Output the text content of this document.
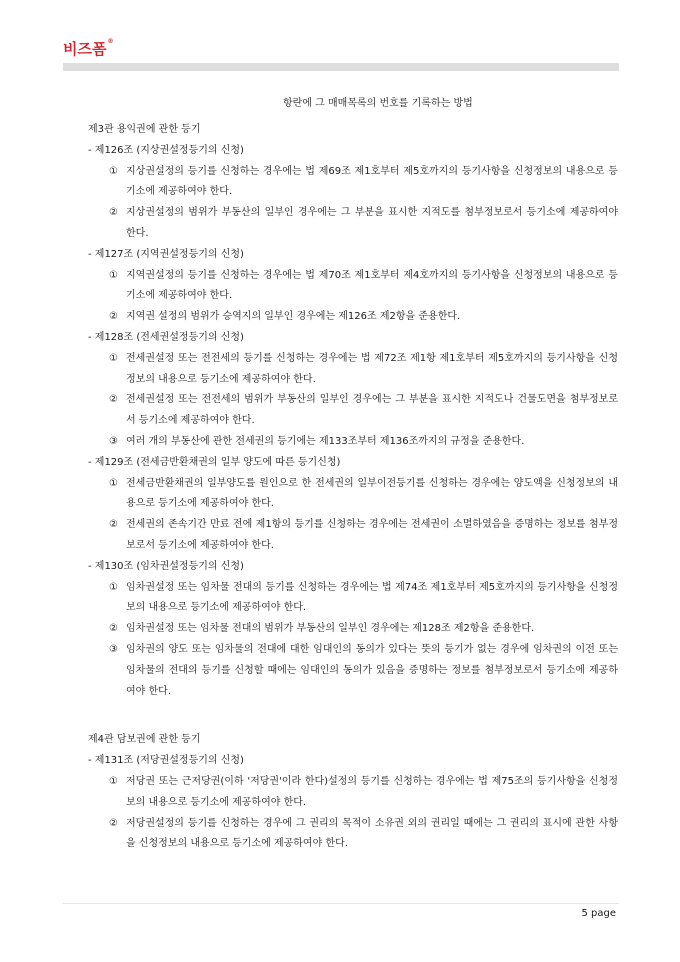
비즈폼®
항란에 그 매매목록의 번호를 기록하는 방법
제3관 용익권에 관한 등기
- 제126조 (지상권설정등기의 신청)
① 지상권설정의 등기를 신청하는 경우에는 법 제69조 제1호부터 제5호까지의 등기사항을 신청정보의 내용으로 등기소에 제공하여야 한다.
② 지상권설정의 범위가 부동산의 일부인 경우에는 그 부분을 표시한 지적도를 첨부정보로서 등기소에 제공하여야 한다.
- 제127조 (지역권설정등기의 신청)
① 지역권설정의 등기를 신청하는 경우에는 법 제70조 제1호부터 제4호까지의 등기사항을 신청정보의 내용으로 등기소에 제공하여야 한다.
② 지역권 설정의 범위가 승역지의 일부인 경우에는 제126조 제2항을 준용한다.
- 제128조 (전세권설정등기의 신청)
① 전세권설정 또는 전전세의 등기를 신청하는 경우에는 법 제72조 제1항 제1호부터 제5호까지의 등기사항을 신청정보의 내용으로 등기소에 제공하여야 한다.
② 전세권설정 또는 전전세의 범위가 부동산의 일부인 경우에는 그 부분을 표시한 지적도나 건물도면을 첨부정보로서 등기소에 제공하여야 한다.
③ 여러 개의 부동산에 관한 전세권의 등기에는 제133조부터 제136조까지의 규정을 준용한다.
- 제129조 (전세금반환채권의 일부 양도에 따른 등기신청)
① 전세금반환채권의 일부양도를 원인으로 한 전세권의 일부이전등기를 신청하는 경우에는 양도액을 신청정보의 내용으로 등기소에 제공하여야 한다.
② 전세권의 존속기간 만료 전에 제1항의 등기를 신청하는 경우에는 전세권이 소멸하였음을 증명하는 정보를 첨부정보로서 등기소에 제공하여야 한다.
- 제130조 (임차권설정등기의 신청)
① 임차권설정 또는 임차물 전대의 등기를 신청하는 경우에는 법 제74조 제1호부터 제5호까지의 등기사항을 신청정보의 내용으로 등기소에 제공하여야 한다.
② 임차권설정 또는 임차물 전대의 범위가 부동산의 일부인 경우에는 제128조 제2항을 준용한다.
③ 임차권의 양도 또는 임차물의 전대에 대한 임대인의 동의가 있다는 뜻의 등기가 없는 경우에 임차권의 이전 또는 임차물의 전대의 등기를 신청할 때에는 임대인의 동의가 있음을 증명하는 정보를 첨부정보로서 등기소에 제공하여야 한다.
제4관 담보권에 관한 등기
- 제131조 (저당권설정등기의 신청)
① 저당권 또는 근저당권(이하 '저당권'이라 한다)설정의 등기를 신청하는 경우에는 법 제75조의 등기사항을 신청정보의 내용으로 등기소에 제공하여야 한다.
② 저당권설정의 등기를 신청하는 경우에 그 권리의 목적이 소유권 외의 권리일 때에는 그 권리의 표시에 관한 사항을 신청정보의 내용으로 등기소에 제공하여야 한다.
5 page
